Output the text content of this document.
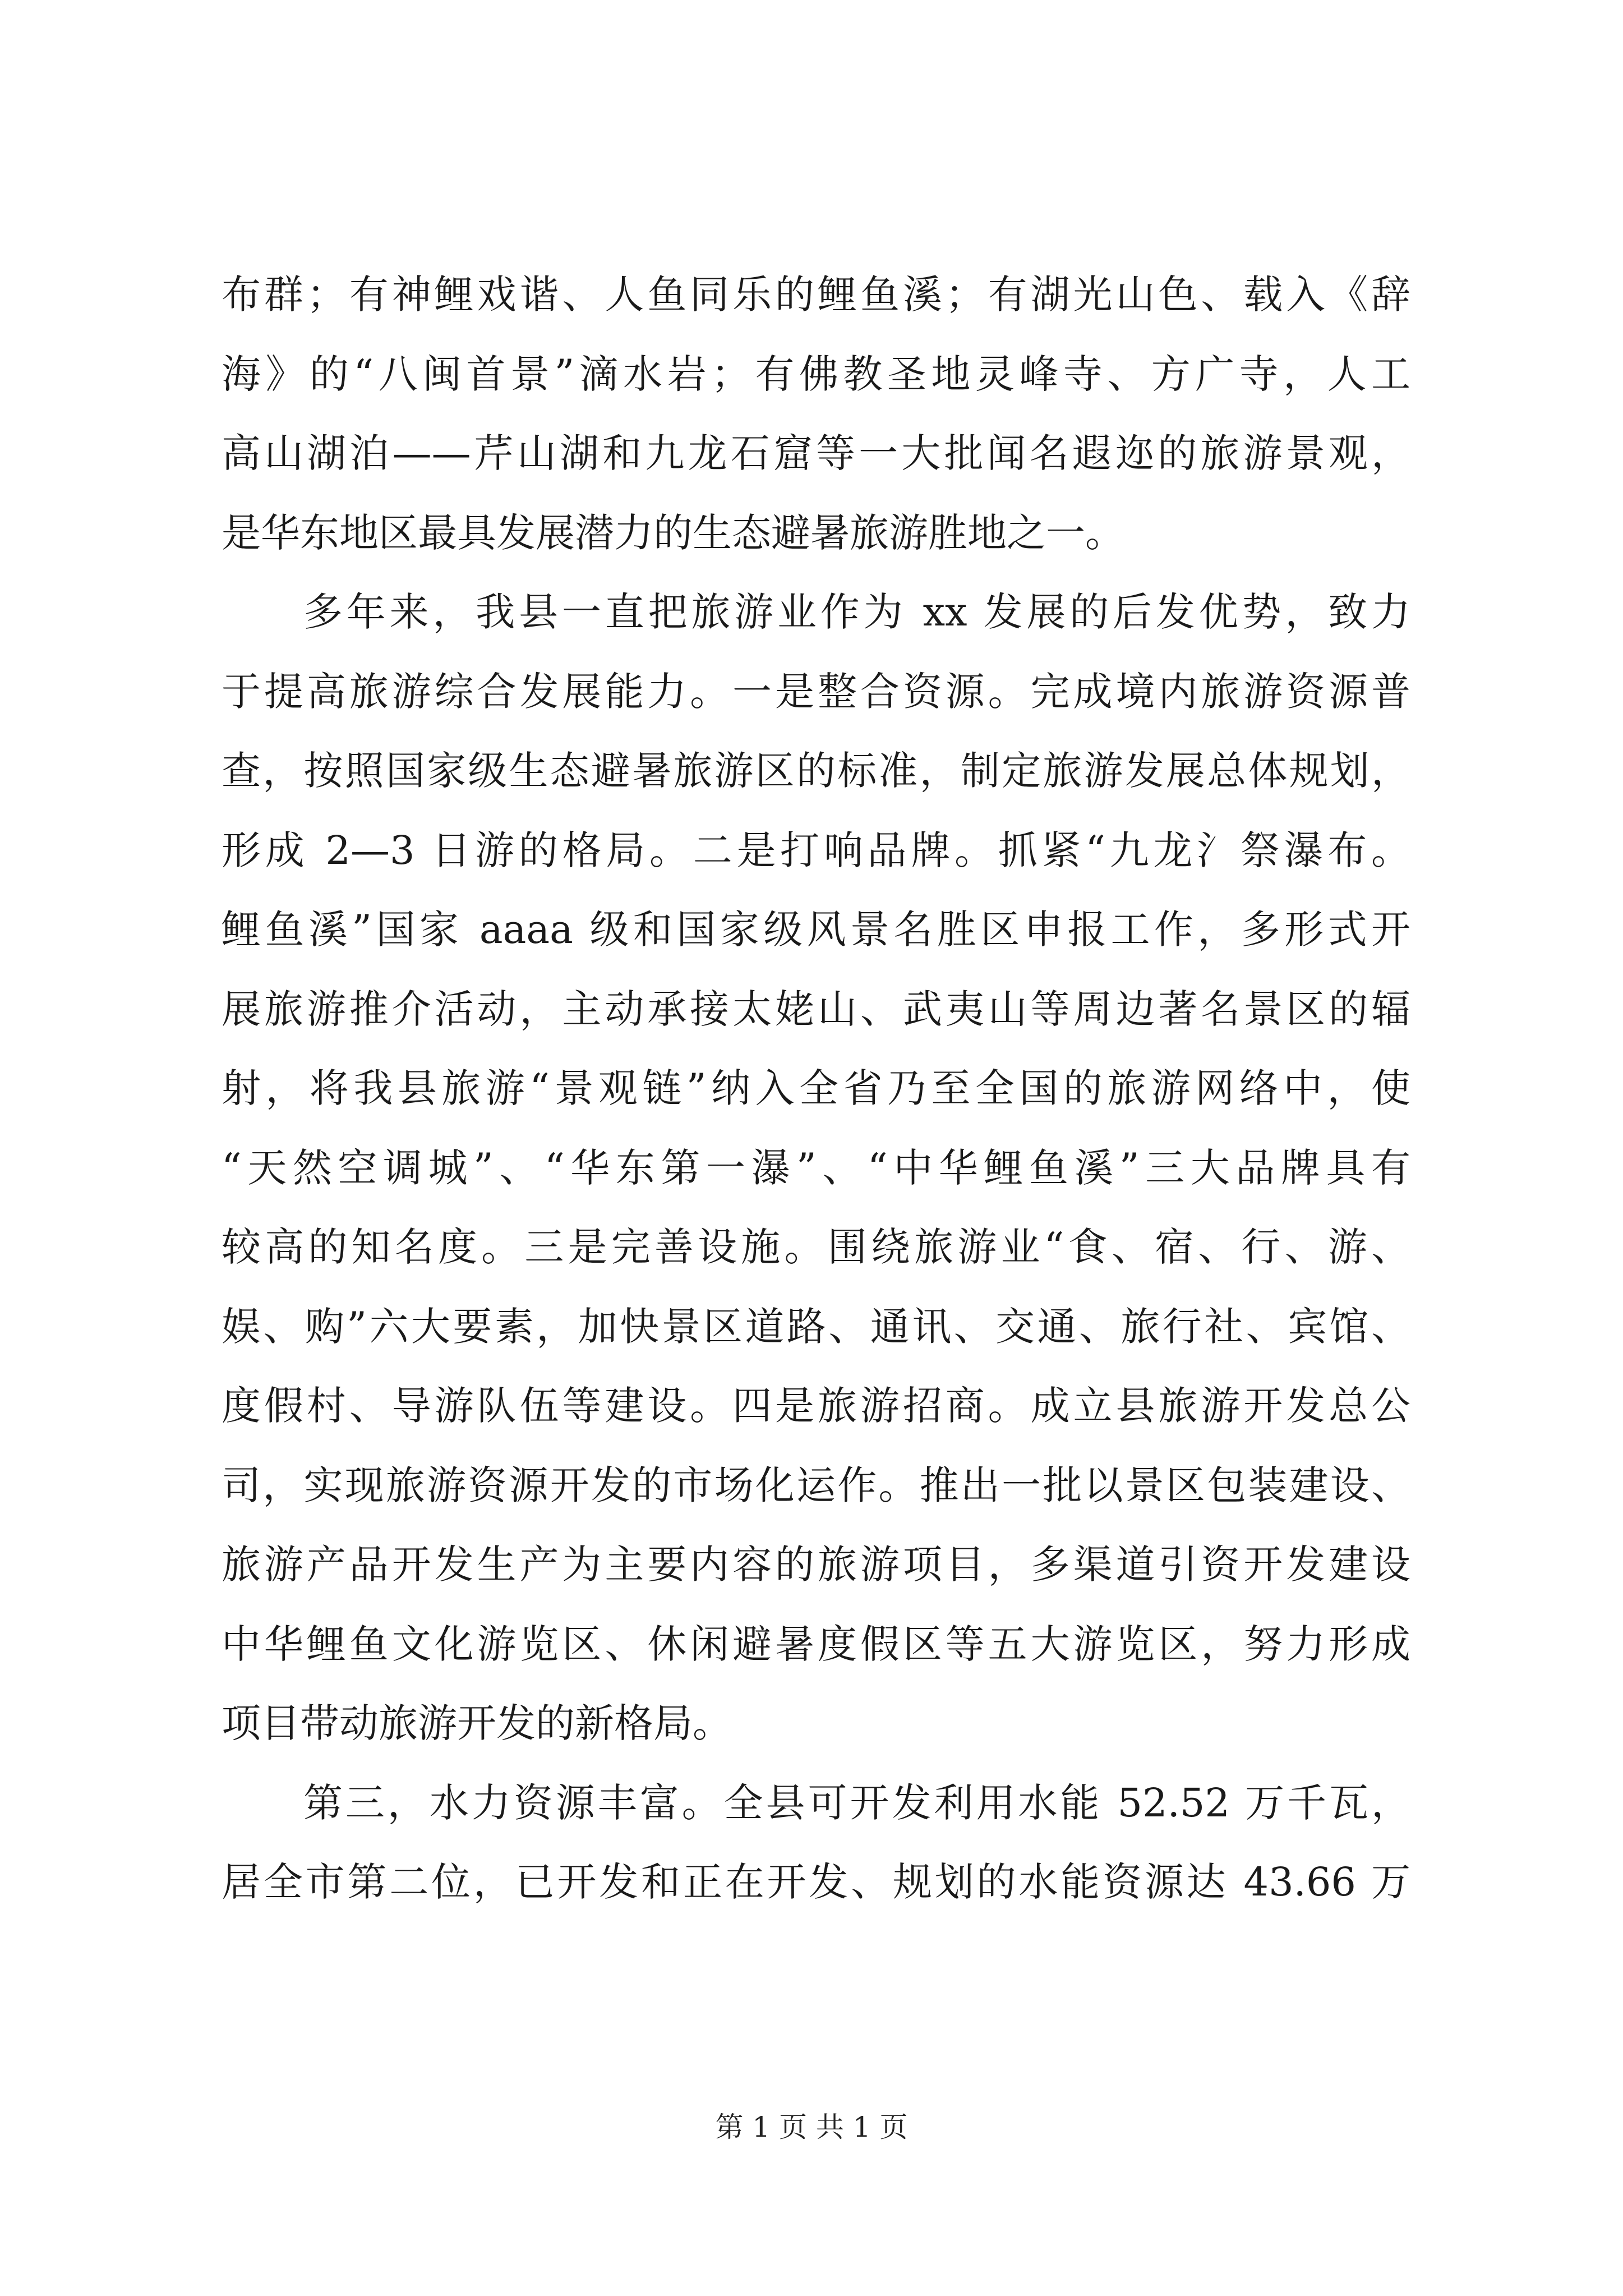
布群；有神鲤戏谐、人鱼同乐的鲤鱼溪；有湖光山色、载入《辞
海》的“八闽首景”滴水岩；有佛教圣地灵峰寺、方广寺，人工
高山湖泊——芹山湖和九龙石窟等一大批闻名遐迩的旅游景观，
是华东地区最具发展潜力的生态避暑旅游胜地之一。
多年来，我县一直把旅游业作为 xx 发展的后发优势，致力
于提高旅游综合发展能力。一是整合资源。完成境内旅游资源普
查，按照国家级生态避暑旅游区的标准，制定旅游发展总体规划，
形成 2—3 日游的格局。二是打响品牌。抓紧“九龙氵祭瀑布。
鲤鱼溪”国家 aaaa 级和国家级风景名胜区申报工作，多形式开
展旅游推介活动，主动承接太姥山、武夷山等周边著名景区的辐
射，将我县旅游“景观链”纳入全省乃至全国的旅游网络中，使
“天然空调城”、“华东第一瀑”、“中华鲤鱼溪”三大品牌具有
较高的知名度。三是完善设施。围绕旅游业“食、宿、行、游、
娱、购”六大要素，加快景区道路、通讯、交通、旅行社、宾馆、
度假村、导游队伍等建设。四是旅游招商。成立县旅游开发总公
司，实现旅游资源开发的市场化运作。推出一批以景区包装建设、
旅游产品开发生产为主要内容的旅游项目，多渠道引资开发建设
中华鲤鱼文化游览区、休闲避暑度假区等五大游览区，努力形成
项目带动旅游开发的新格局。
第三，水力资源丰富。全县可开发利用水能 52.52 万千瓦，
居全市第二位，已开发和正在开发、规划的水能资源达 43.66 万
第 1 页 共 1 页
